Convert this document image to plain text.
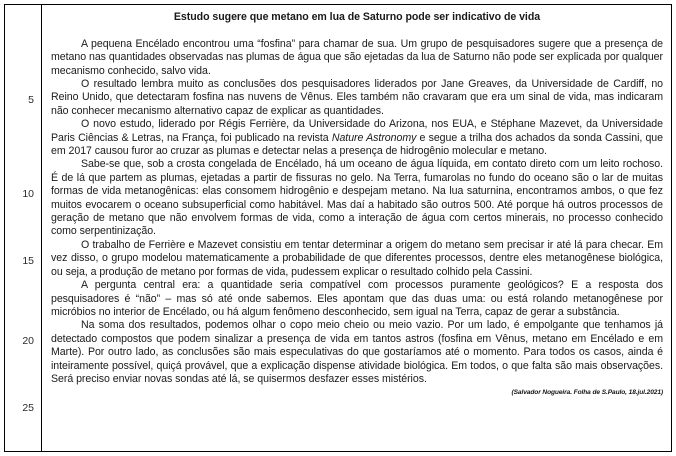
5
10
15
20
25
Estudo sugere que metano em lua de Saturno pode ser indicativo de vida

A pequena Encélado encontrou uma “fosfina” para chamar de sua. Um grupo de pesquisadores sugere que a presença de metano nas quantidades observadas nas plumas de água que são ejetadas da lua de Saturno não pode ser explicada por qualquer mecanismo conhecido, salvo vida.

O resultado lembra muito as conclusões dos pesquisadores liderados por Jane Greaves, da Universidade de Cardiff, no Reino Unido, que detectaram fosfina nas nuvens de Vênus. Eles também não cravaram que era um sinal de vida, mas indicaram não conhecer mecanismo alternativo capaz de explicar as quantidades.

O novo estudo, liderado por Régis Ferrière, da Universidade do Arizona, nos EUA, e Stéphane Mazevet, da Universidade Paris Ciências & Letras, na França, foi publicado na revista Nature Astronomy e segue a trilha dos achados da sonda Cassini, que em 2017 causou furor ao cruzar as plumas e detectar nelas a presença de hidrogênio molecular e metano.

Sabe-se que, sob a crosta congelada de Encélado, há um oceano de água líquida, em contato direto com um leito rochoso. É de lá que partem as plumas, ejetadas a partir de fissuras no gelo. Na Terra, fumarolas no fundo do oceano são o lar de muitas formas de vida metanogênicas: elas consomem hidrogênio e despejam metano. Na lua saturnina, encontramos ambos, o que fez muitos evocarem o oceano subsuperficial como habitável. Mas daí a habitado são outros 500. Até porque há outros processos de geração de metano que não envolvem formas de vida, como a interação de água com certos minerais, no processo conhecido como serpentinização.

O trabalho de Ferrière e Mazevet consistiu em tentar determinar a origem do metano sem precisar ir até lá para checar. Em vez disso, o grupo modelou matematicamente a probabilidade de que diferentes processos, dentre eles metanogênese biológica, ou seja, a produção de metano por formas de vida, pudessem explicar o resultado colhido pela Cassini.

A pergunta central era: a quantidade seria compatível com processos puramente geológicos? E a resposta dos pesquisadores é “não” – mas só até onde sabemos. Eles apontam que das duas uma: ou está rolando metanogênese por micróbios no interior de Encélado, ou há algum fenômeno desconhecido, sem igual na Terra, capaz de gerar a substância.

Na soma dos resultados, podemos olhar o copo meio cheio ou meio vazio. Por um lado, é empolgante que tenhamos já detectado compostos que podem sinalizar a presença de vida em tantos astros (fosfina em Vênus, metano em Encélado e em Marte). Por outro lado, as conclusões são mais especulativas do que gostaríamos até o momento. Para todos os casos, ainda é inteiramente possível, quiçá provável, que a explicação dispense atividade biológica. Em todos, o que falta são mais observações. Será preciso enviar novas sondas até lá, se quisermos desfazer esses mistérios.

(Salvador Nogueira. Folha de S.Paulo, 18.jul.2021)
